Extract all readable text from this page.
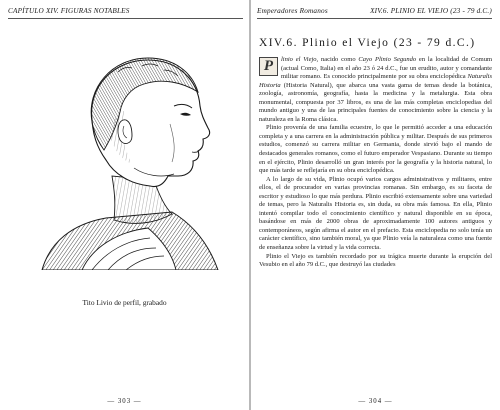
CAPÍTULO XIV. FIGURAS NOTABLES
Tito Livio de perfil, grabado
— 303 —
Emperadores Romanos	XIV.6. PLINIO EL VIEJO (23 - 79 d.C.)
XIV.6. Plinio el Viejo (23 - 79 d.C.)
P	linio el Viejo, nacido como Cayo Plinio Segundo en la localidad de Comum (actual Como, Italia) en el año 23 ó 24 d.C., fue un erudito, autor y comandante militar romano. Es conocido principalmente por su obra enciclopédica Naturalis Historia (Historia Natural), que abarca una vasta gama de temas desde la botánica, zoología, astronomía, geografía, hasta la medicina y la metalurgia. Esta obra monumental, compuesta por 37 libros, es una de las más completas enciclopedias del mundo antiguo y una de las principales fuentes de conocimiento sobre la ciencia y la naturaleza en la Roma clásica.

Plinio provenía de una familia ecuestre, lo que le permitió acceder a una educación completa y a una carrera en la administración pública y militar. Después de sus primeros estudios, comenzó su carrera militar en Germania, donde sirvió bajo el mando de destacados generales romanos, como el futuro emperador Vespasiano. Durante su tiempo en el ejército, Plinio desarrolló un gran interés por la geografía y la historia natural, lo que más tarde se reflejaría en su obra enciclopédica.

A lo largo de su vida, Plinio ocupó varios cargos administrativos y militares, entre ellos, el de procurador en varias provincias romanas. Sin embargo, es su faceta de escritor y estudioso lo que más perdura. Plinio escribió extensamente sobre una variedad de temas, pero la Naturalis Historia es, sin duda, su obra más famosa. En ella, Plinio intentó compilar todo el conocimiento científico y natural disponible en su época, basándose en más de 2000 obras de aproximadamente 100 autores antiguos y contemporáneos, según afirma el autor en el prefacio. Esta enciclopedia no solo tenía un carácter científico, sino también moral, ya que Plinio veía la naturaleza como una fuente de enseñanza sobre la virtud y la vida correcta.

Plinio el Viejo es también recordado por su trágica muerte durante la erupción del Vesubio en el año 79 d.C., que destruyó las ciudades

— 304 —
